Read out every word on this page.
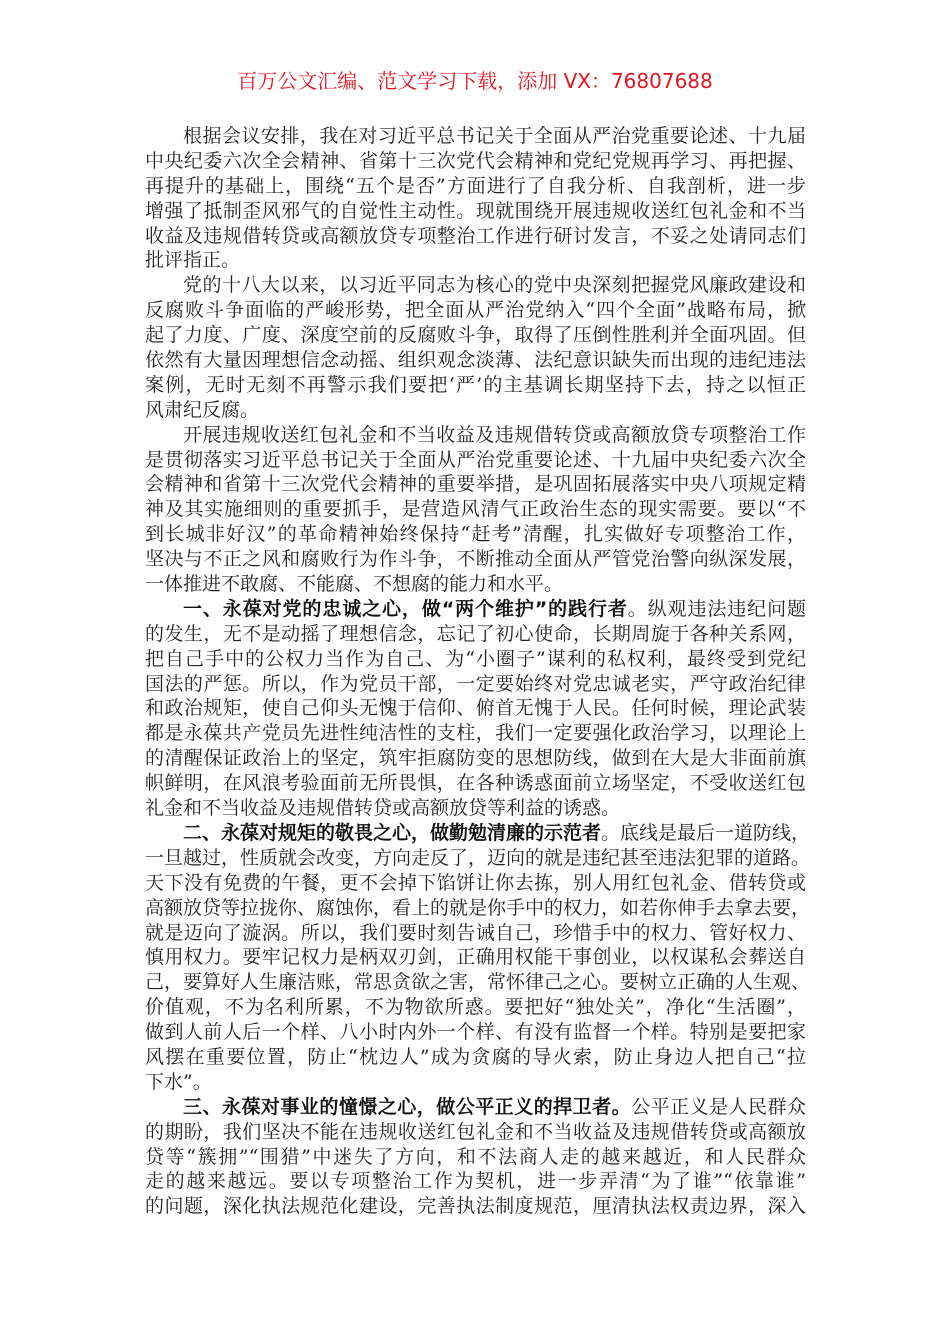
百万公文汇编、范文学习下载，添加 VX：76807688
根据会议安排，我在对习近平总书记关于全面从严治党重要论述、十九届
中央纪委六次全会精神、省第十三次党代会精神和党纪党规再学习、再把握、
再提升的基础上，围绕“五个是否”方面进行了自我分析、自我剖析，进一步
增强了抵制歪风邪气的自觉性主动性。现就围绕开展违规收送红包礼金和不当
收益及违规借转贷或高额放贷专项整治工作进行研讨发言，不妥之处请同志们
批评指正。
党的十八大以来，以习近平同志为核心的党中央深刻把握党风廉政建设和
反腐败斗争面临的严峻形势，把全面从严治党纳入“四个全面”战略布局，掀
起了力度、广度、深度空前的反腐败斗争，取得了压倒性胜利并全面巩固。但
依然有大量因理想信念动摇、组织观念淡薄、法纪意识缺失而出现的违纪违法
案例，无时无刻不再警示我们要把‘严’的主基调长期坚持下去，持之以恒正
风肃纪反腐。
开展违规收送红包礼金和不当收益及违规借转贷或高额放贷专项整治工作
是贯彻落实习近平总书记关于全面从严治党重要论述、十九届中央纪委六次全
会精神和省第十三次党代会精神的重要举措，是巩固拓展落实中央八项规定精
神及其实施细则的重要抓手，是营造风清气正政治生态的现实需要。要以“不
到长城非好汉”的革命精神始终保持“赶考”清醒，扎实做好专项整治工作，
坚决与不正之风和腐败行为作斗争，不断推动全面从严管党治警向纵深发展，
一体推进不敢腐、不能腐、不想腐的能力和水平。
一、永葆对党的忠诚之心，做“两个维护”的践行者。纵观违法违纪问题
的发生，无不是动摇了理想信念，忘记了初心使命，长期周旋于各种关系网，
把自己手中的公权力当作为自己、为“小圈子”谋利的私权利，最终受到党纪
国法的严惩。所以，作为党员干部，一定要始终对党忠诚老实，严守政治纪律
和政治规矩，使自己仰头无愧于信仰、俯首无愧于人民。任何时候，理论武装
都是永葆共产党员先进性纯洁性的支柱，我们一定要强化政治学习，以理论上
的清醒保证政治上的坚定，筑牢拒腐防变的思想防线，做到在大是大非面前旗
帜鲜明，在风浪考验面前无所畏惧，在各种诱惑面前立场坚定，不受收送红包
礼金和不当收益及违规借转贷或高额放贷等利益的诱惑。
二、永葆对规矩的敬畏之心，做勤勉清廉的示范者。底线是最后一道防线，
一旦越过，性质就会改变，方向走反了，迈向的就是违纪甚至违法犯罪的道路。
天下没有免费的午餐，更不会掉下馅饼让你去拣，别人用红包礼金、借转贷或
高额放贷等拉拢你、腐蚀你，看上的就是你手中的权力，如若你伸手去拿去要，
就是迈向了漩涡。所以，我们要时刻告诫自己，珍惜手中的权力、管好权力、
慎用权力。要牢记权力是柄双刃剑，正确用权能干事创业，以权谋私会葬送自
己，要算好人生廉洁账，常思贪欲之害，常怀律己之心。要树立正确的人生观、
价值观，不为名利所累，不为物欲所惑。要把好“独处关”，净化“生活圈”，
做到人前人后一个样、八小时内外一个样、有没有监督一个样。特别是要把家
风摆在重要位置，防止“枕边人”成为贪腐的导火索，防止身边人把自己“拉
下水”。
三、永葆对事业的憧憬之心，做公平正义的捍卫者。公平正义是人民群众
的期盼，我们坚决不能在违规收送红包礼金和不当收益及违规借转贷或高额放
贷等“簇拥”“围猎”中迷失了方向，和不法商人走的越来越近，和人民群众
走的越来越远。要以专项整治工作为契机，进一步弄清“为了谁”“依靠谁”
的问题，深化执法规范化建设，完善执法制度规范，厘清执法权责边界，深入
